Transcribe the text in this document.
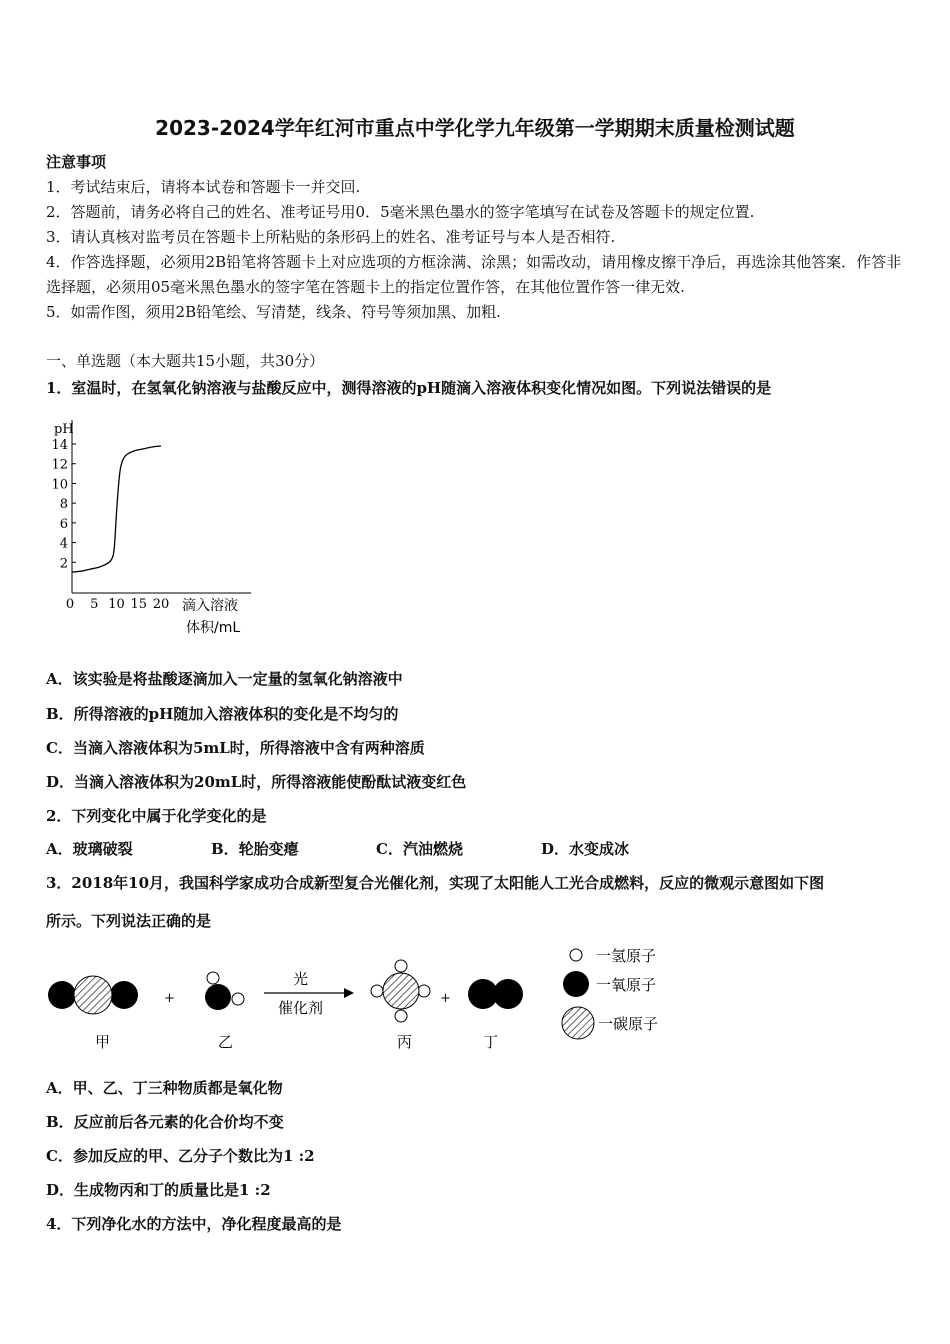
2023-2024学年红河市重点中学化学九年级第一学期期末质量检测试题

注意事项

1．考试结束后，请将本试卷和答题卡一并交回.

2．答题前，请务必将自己的姓名、准考证号用0．5毫米黑色墨水的签字笔填写在试卷及答题卡的规定位置.

3．请认真核对监考员在答题卡上所粘贴的条形码上的姓名、准考证号与本人是否相符.

4．作答选择题，必须用2B铅笔将答题卡上对应选项的方框涂满、涂黑；如需改动，请用橡皮擦干净后，再选涂其他答案．作答非选择题，必须用05毫米黑色墨水的签字笔在答题卡上的指定位置作答，在其他位置作答一律无效.

5．如需作图，须用2B铅笔绘、写清楚，线条、符号等须加黑、加粗.

一、单选题（本大题共15小题，共30分）
1．室温时，在氢氧化钠溶液与盐酸反应中，测得溶液的pH随滴入溶液体积变化情况如图。下列说法错误的是
pH
14
12
10
8
6
4
2
0 5 10 15 20 滴入溶液
体积/mL
A．该实验是将盐酸逐滴加入一定量的氢氧化钠溶液中
B．所得溶液的pH随加入溶液体积的变化是不均匀的
C．当滴入溶液体积为5mL时，所得溶液中含有两种溶质
D．当滴入溶液体积为20mL时，所得溶液能使酚酞试液变红色
2．下列变化中属于化学变化的是
A．玻璃破裂	B．轮胎变瘪	C．汽油燃烧	D．水变成冰
3．2018年10月，我国科学家成功合成新型复合光催化剂，实现了太阳能人工光合成燃料，反应的微观示意图如下图
所示。下列说法正确的是
+
光
催化剂
+
甲	乙	丙	丁
一氢原子
一氧原子
一碳原子
A．甲、乙、丁三种物质都是氧化物
B．反应前后各元素的化合价均不变
C．参加反应的甲、乙分子个数比为1 :2
D．生成物丙和丁的质量比是1 :2
4．下列净化水的方法中，净化程度最高的是
